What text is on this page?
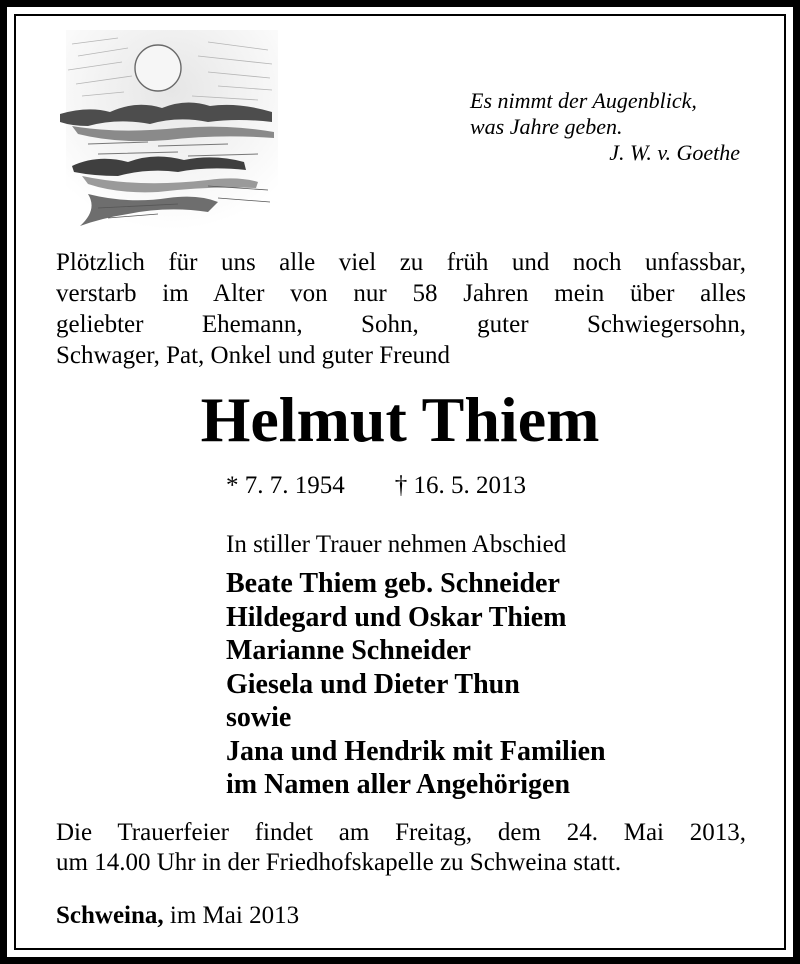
Es nimmt der Augenblick,
was Jahre geben.
J. W. v. Goethe
Plötzlich für uns alle viel zu früh und noch unfassbar,
verstarb im Alter von nur 58 Jahren mein über alles
geliebter Ehemann, Sohn, guter Schwiegersohn,
Schwager, Pat, Onkel und guter Freund
Helmut Thiem
* 7. 7. 1954 † 16. 5. 2013
In stiller Trauer nehmen Abschied
Beate Thiem geb. Schneider
Hildegard und Oskar Thiem
Marianne Schneider
Giesela und Dieter Thun
sowie
Jana und Hendrik mit Familien
im Namen aller Angehörigen
Die Trauerfeier findet am Freitag, dem 24. Mai 2013,
um 14.00 Uhr in der Friedhofskapelle zu Schweina statt.
Schweina, im Mai 2013
